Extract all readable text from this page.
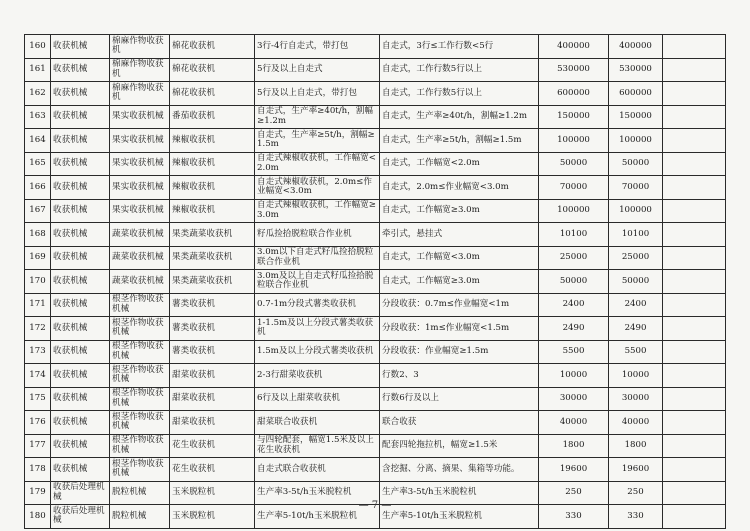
160	收获机械	棉麻作物收获机	棉花收获机	3行-4行自走式，带打包	自走式，3行≤工作行数<5行	400000	400000	
161	收获机械	棉麻作物收获机	棉花收获机	5行及以上自走式	自走式，工作行数5行以上	530000	530000	
162	收获机械	棉麻作物收获机	棉花收获机	5行及以上自走式，带打包	自走式，工作行数5行以上	600000	600000	
163	收获机械	果实收获机械	番茄收获机	自走式，生产率≥40t/h，割幅≥1.2m	自走式，生产率≥40t/h，割幅≥1.2m	150000	150000	
164	收获机械	果实收获机械	辣椒收获机	自走式，生产率≥5t/h，割幅≥1.5m	自走式，生产率≥5t/h，割幅≥1.5m	100000	100000	
165	收获机械	果实收获机械	辣椒收获机	自走式辣椒收获机，工作幅宽<2.0m	自走式，工作幅宽<2.0m	50000	50000	
166	收获机械	果实收获机械	辣椒收获机	自走式辣椒收获机，2.0m≤作业幅宽<3.0m	自走式，2.0m≤作业幅宽<3.0m	70000	70000	
167	收获机械	果实收获机械	辣椒收获机	自走式辣椒收获机，工作幅宽≥3.0m	自走式，工作幅宽≥3.0m	100000	100000	
168	收获机械	蔬菜收获机械	果类蔬菜收获机	籽瓜捡拾脱粒联合作业机	牵引式，悬挂式	10100	10100	
169	收获机械	蔬菜收获机械	果类蔬菜收获机	3.0m以下自走式籽瓜捡拾脱粒联合作业机	自走式，工作幅宽<3.0m	25000	25000	
170	收获机械	蔬菜收获机械	果类蔬菜收获机	3.0m及以上自走式籽瓜捡拾脱粒联合作业机	自走式，工作幅宽≥3.0m	50000	50000	
171	收获机械	根茎作物收获机械	薯类收获机	0.7-1m分段式薯类收获机	分段收获：0.7m≤作业幅宽<1m	2400	2400	
172	收获机械	根茎作物收获机械	薯类收获机	1-1.5m及以上分段式薯类收获机	分段收获：1m≤作业幅宽<1.5m	2490	2490	
173	收获机械	根茎作物收获机械	薯类收获机	1.5m及以上分段式薯类收获机	分段收获：作业幅宽≥1.5m	5500	5500	
174	收获机械	根茎作物收获机械	甜菜收获机	2-3行甜菜收获机	行数2、3	10000	10000	
175	收获机械	根茎作物收获机械	甜菜收获机	6行及以上甜菜收获机	行数6行及以上	30000	30000	
176	收获机械	根茎作物收获机械	甜菜收获机	甜菜联合收获机	联合收获	40000	40000	
177	收获机械	根茎作物收获机械	花生收获机	与四轮配套，幅宽1.5米及以上花生收获机	配套四轮拖拉机，幅宽≥1.5米	1800	1800	
178	收获机械	根茎作物收获机械	花生收获机	自走式联合收获机	含挖掘、分离、摘果、集箱等功能。	19600	19600	
179	收获后处理机械	脱粒机械	玉米脱粒机	生产率3-5t/h玉米脱粒机	生产率3-5t/h玉米脱粒机	250	250	
180	收获后处理机械	脱粒机械	玉米脱粒机	生产率5-10t/h玉米脱粒机	生产率5-10t/h玉米脱粒机	330	330	
— 7 —
